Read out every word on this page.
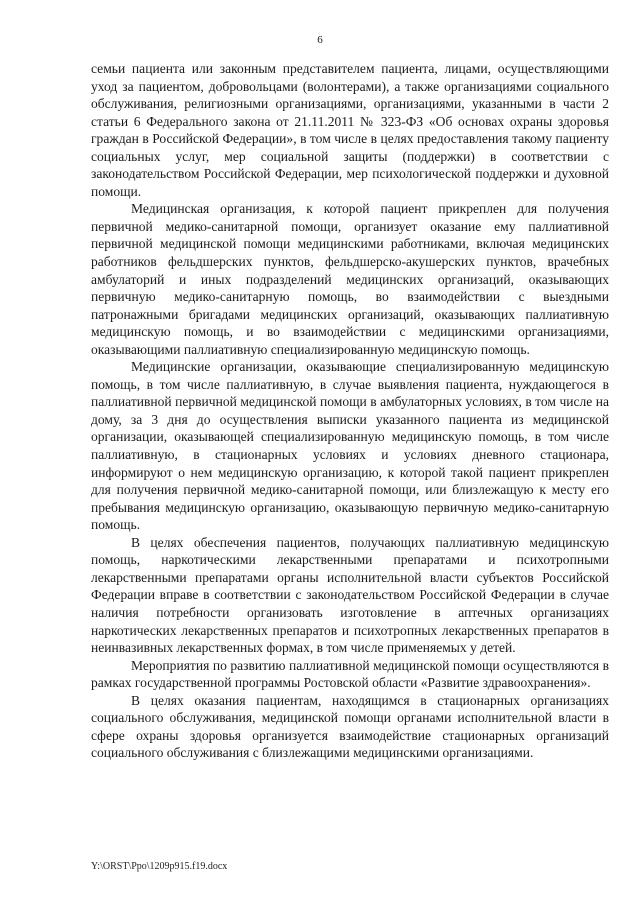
6

семьи пациента или законным представителем пациента, лицами, осуществляющими уход за пациентом, добровольцами (волонтерами), а также организациями социального обслуживания, религиозными организациями, организациями, указанными в части 2 статьи 6 Федерального закона от 21.11.2011 № 323-ФЗ «Об основах охраны здоровья граждан в Российской Федерации», в том числе в целях предоставления такому пациенту социальных услуг, мер социальной защиты (поддержки) в соответствии с законодательством Российской Федерации, мер психологической поддержки и духовной помощи.

Медицинская организация, к которой пациент прикреплен для получения первичной медико-санитарной помощи, организует оказание ему паллиативной первичной медицинской помощи медицинскими работниками, включая медицинских работников фельдшерских пунктов, фельдшерско-акушерских пунктов, врачебных амбулаторий и иных подразделений медицинских организаций, оказывающих первичную медико-санитарную помощь, во взаимодействии с выездными патронажными бригадами медицинских организаций, оказывающих паллиативную медицинскую помощь, и во взаимодействии с медицинскими организациями, оказывающими паллиативную специализированную медицинскую помощь.

Медицинские организации, оказывающие специализированную медицинскую помощь, в том числе паллиативную, в случае выявления пациента, нуждающегося в паллиативной первичной медицинской помощи в амбулаторных условиях, в том числе на дому, за 3 дня до осуществления выписки указанного пациента из медицинской организации, оказывающей специализированную медицинскую помощь, в том числе паллиативную, в стационарных условиях и условиях дневного стационара, информируют о нем медицинскую организацию, к которой такой пациент прикреплен для получения первичной медико-санитарной помощи, или близлежащую к месту его пребывания медицинскую организацию, оказывающую первичную медико-санитарную помощь.

В целях обеспечения пациентов, получающих паллиативную медицинскую помощь, наркотическими лекарственными препаратами и психотропными лекарственными препаратами органы исполнительной власти субъектов Российской Федерации вправе в соответствии с законодательством Российской Федерации в случае наличия потребности организовать изготовление в аптечных организациях наркотических лекарственных препаратов и психотропных лекарственных препаратов в неинвазивных лекарственных формах, в том числе применяемых у детей.

Мероприятия по развитию паллиативной медицинской помощи осуществляются в рамках государственной программы Ростовской области «Развитие здравоохранения».

В целях оказания пациентам, находящимся в стационарных организациях социального обслуживания, медицинской помощи органами исполнительной власти в сфере охраны здоровья организуется взаимодействие стационарных организаций социального обслуживания с близлежащими медицинскими организациями.

Y:\ORST\Ppo\1209p915.f19.docx
